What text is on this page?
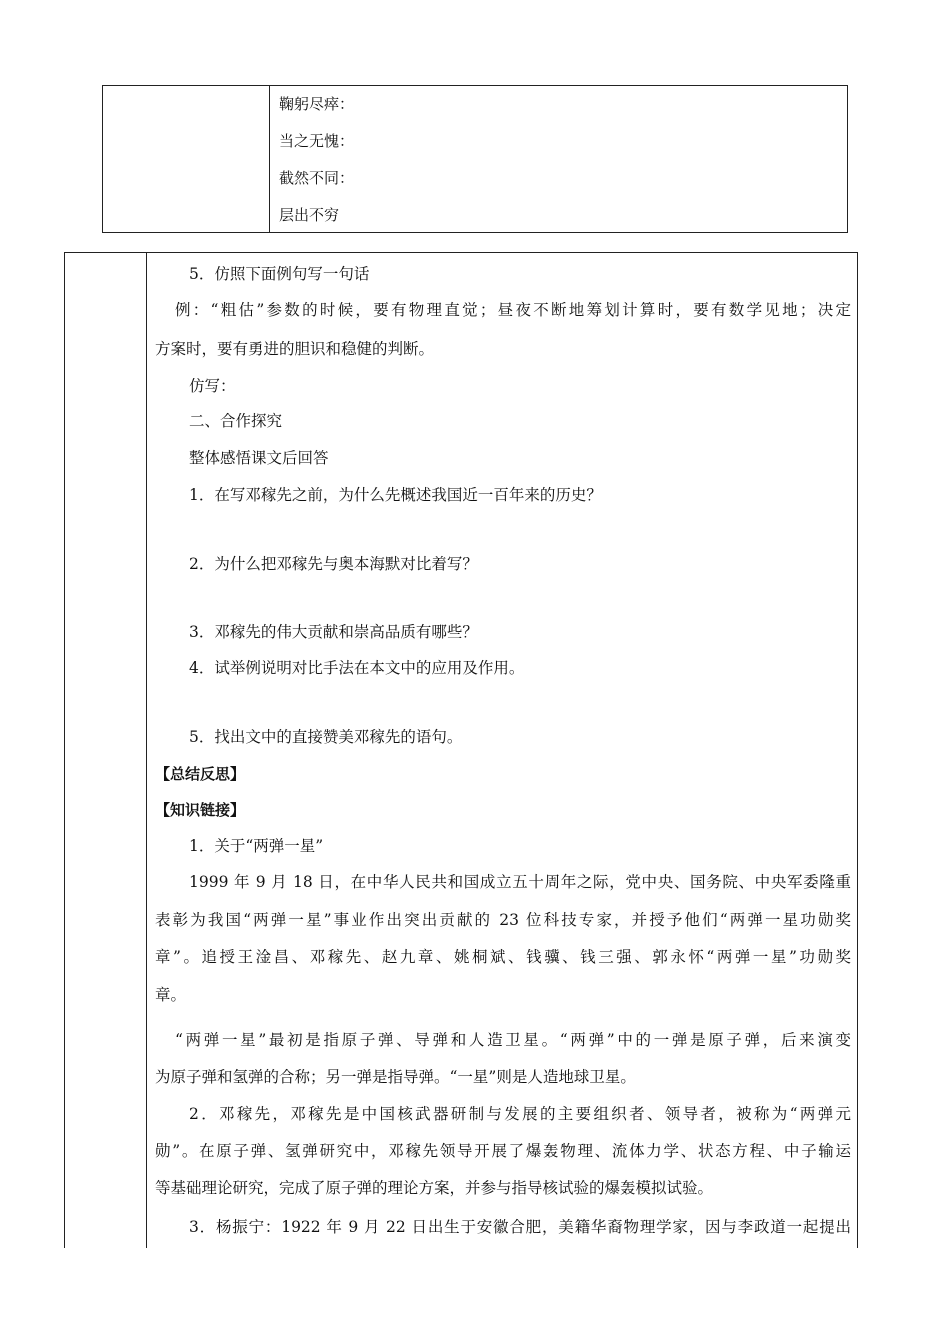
鞠躬尽瘁：
当之无愧：
截然不同：
层出不穷
5．仿照下面例句写一句话
例：“粗估”参数的时候，要有物理直觉；昼夜不断地筹划计算时，要有数学见地；决定
方案时，要有勇进的胆识和稳健的判断。
仿写：
二、合作探究
整体感悟课文后回答
1．在写邓稼先之前，为什么先概述我国近一百年来的历史？
2．为什么把邓稼先与奥本海默对比着写？
3．邓稼先的伟大贡献和崇高品质有哪些？
4．试举例说明对比手法在本文中的应用及作用。
5．找出文中的直接赞美邓稼先的语句。
【总结反思】
【知识链接】
1．关于“两弹一星”
1999 年 9 月 18 日，在中华人民共和国成立五十周年之际，党中央、国务院、中央军委隆重
表彰为我国“两弹一星”事业作出突出贡献的 23 位科技专家，并授予他们“两弹一星功勋奖
章”。追授王淦昌、邓稼先、赵九章、姚桐斌、钱骥、钱三强、郭永怀“两弹一星”功勋奖
章。
“两弹一星”最初是指原子弹、导弹和人造卫星。“两弹”中的一弹是原子弹，后来演变
为原子弹和氢弹的合称；另一弹是指导弹。“一星”则是人造地球卫星。
2．邓稼先，邓稼先是中国核武器研制与发展的主要组织者、领导者，被称为“两弹元
勋”。在原子弹、氢弹研究中，邓稼先领导开展了爆轰物理、流体力学、状态方程、中子输运
等基础理论研究，完成了原子弹的理论方案，并参与指导核试验的爆轰模拟试验。
3．杨振宁：1922 年 9 月 22 日出生于安徽合肥，美籍华裔物理学家，因与李政道一起提出
